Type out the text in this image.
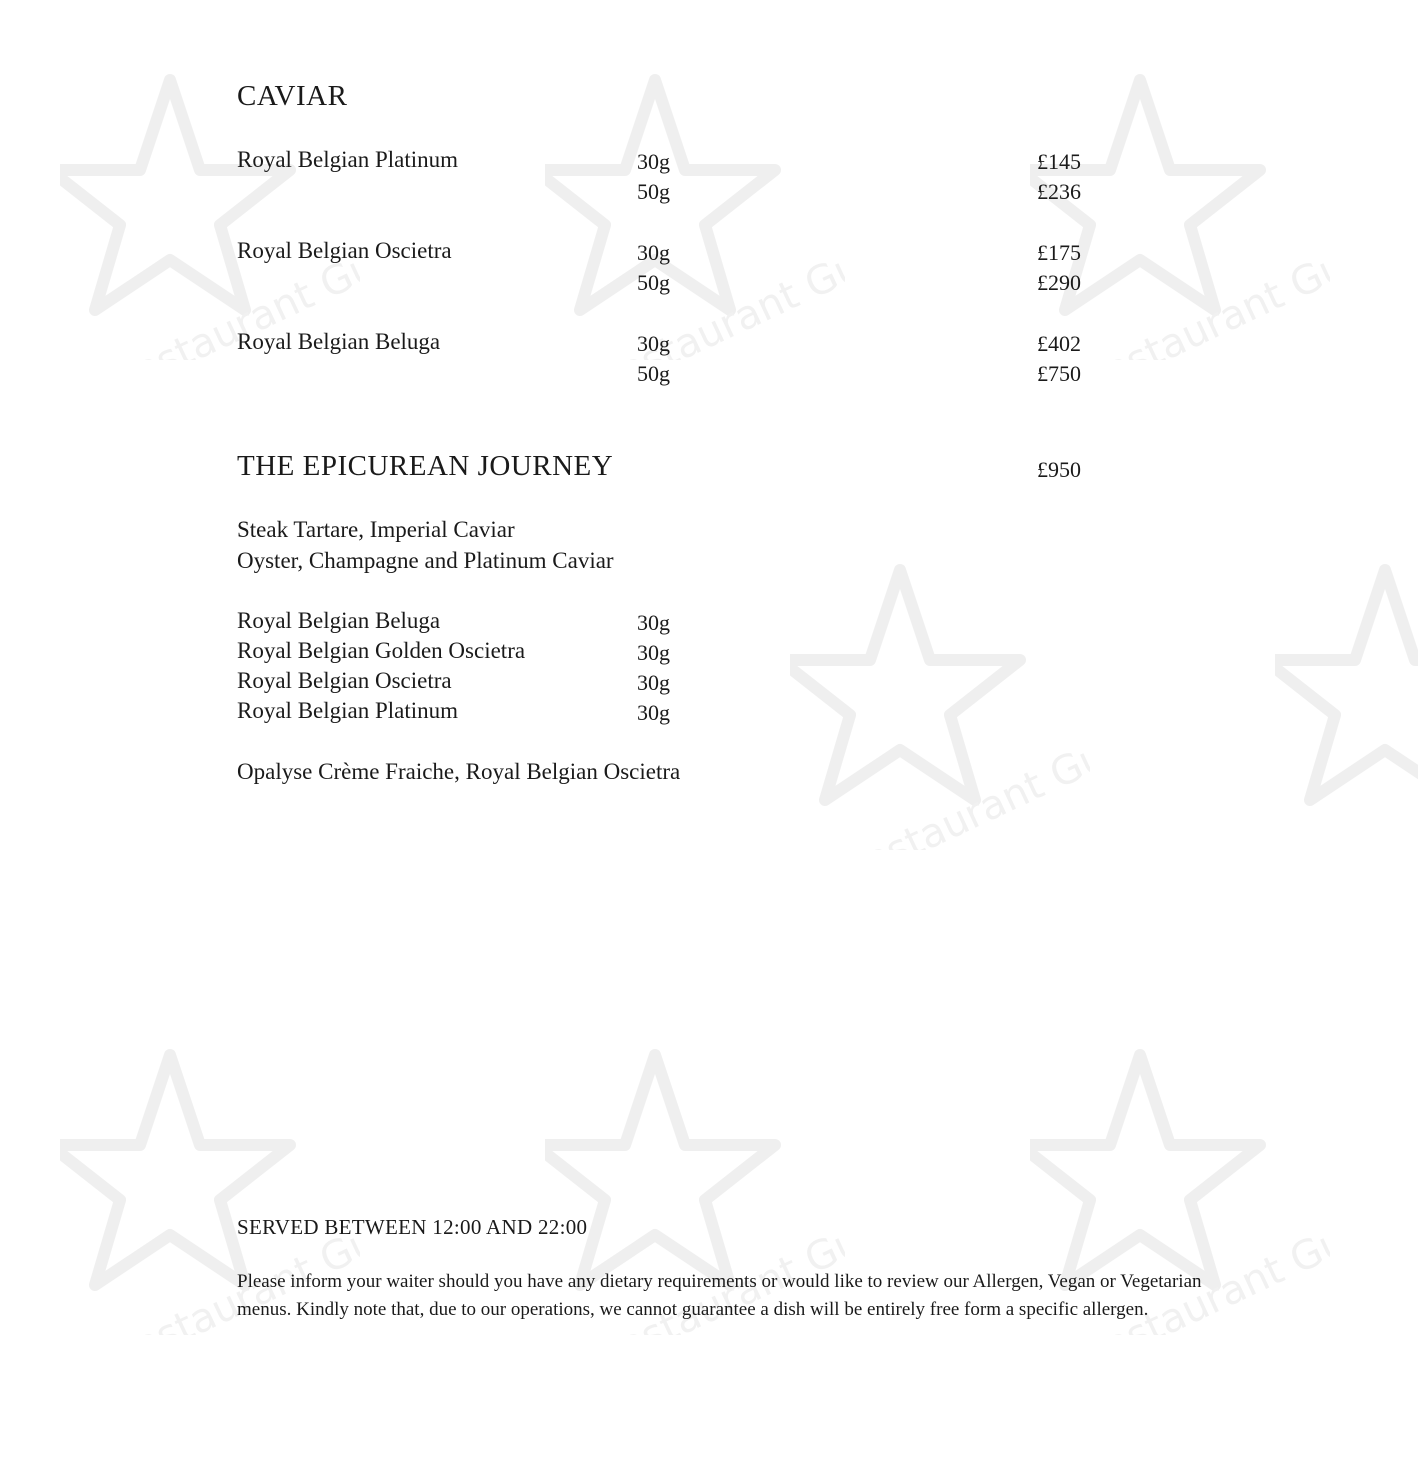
Restaurant Guru
Restaurant Guru
Restaurant Guru
Restaurant Guru
Restaurant Guru
Restaurant Guru
Restaurant Guru
CAVIAR
Royal Belgian Platinum	30g	£145
50g	£236
Royal Belgian Oscietra	30g	£175
50g	£290
Royal Belgian Beluga	30g	£402
50g	£750
THE EPICUREAN JOURNEY	£950
Steak Tartare, Imperial Caviar
Oyster, Champagne and Platinum Caviar
Royal Belgian Beluga	30g
Royal Belgian Golden Oscietra	30g
Royal Belgian Oscietra	30g
Royal Belgian Platinum	30g
Opalyse Crème Fraiche, Royal Belgian Oscietra
SERVED BETWEEN 12:00 AND 22:00

Please inform your waiter should you have any dietary requirements or would like to review our Allergen, Vegan or Vegetarian menus. Kindly note that, due to our operations, we cannot guarantee a dish will be entirely free form a specific allergen.
